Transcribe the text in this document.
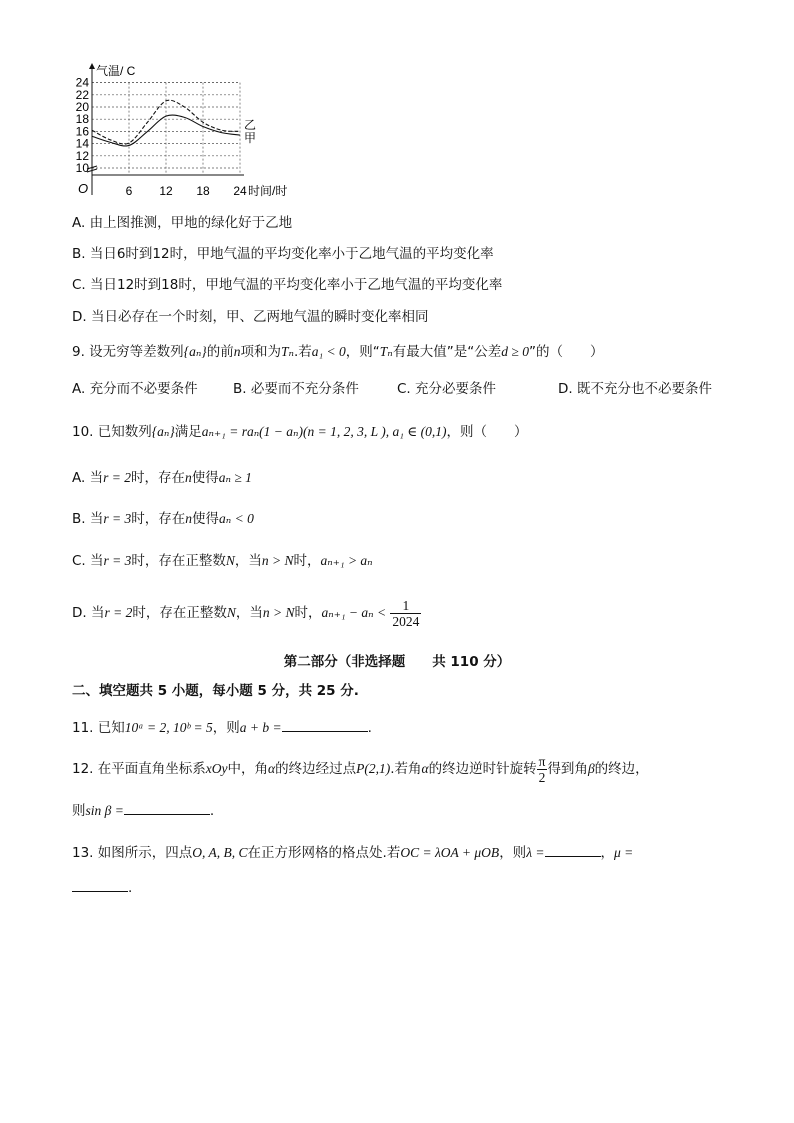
10
12
14
16
18
20
22
24
6 12 18 24
O
气温/ C
时间/时
乙
甲
A. 由上图推测，甲地的绿化好于乙地
B. 当日6时到12时，甲地气温的平均变化率小于乙地气温的平均变化率
C. 当日12时到18时，甲地气温的平均变化率小于乙地气温的平均变化率
D. 当日必存在一个时刻，甲、乙两地气温的瞬时变化率相同
9. 设无穷等差数列{aₙ}的前n项和为Tₙ.若a₁ < 0，则“Tₙ有最大值”是“公差d ≥ 0”的（　　）
A. 充分而不必要条件	B. 必要而不充分条件	C. 充分必要条件	D. 既不充分也不必要条件
10. 已知数列{aₙ}满足aₙ₊₁ = raₙ(1 − aₙ)(n = 1, 2, 3, L ), a₁ ∈ (0,1)，则（　　）
A. 当r = 2时，存在n使得aₙ ≥ 1
B. 当r = 3时，存在n使得aₙ < 0
C. 当r = 3时，存在正整数N，当n > N时，aₙ₊₁ > aₙ
D. 当r = 2时，存在正整数N，当n > N时，$a_{n+1} - a_n < \frac{1}{2024}$
第二部分（非选择题　　共 110 分）
二、填空题共 5 小题，每小题 5 分，共 25 分.
11. 已知10ᵃ = 2, 10ᵇ = 5，则a + b =	.
12. 在平面直角坐标系xOy中，角α的终边经过点P(2,1).若角α的终边逆时针旋转 $\frac{\pi}{2}$ 得到角β的终边，
则sin β =	.
13. 如图所示，四点O, A, B, C在正方形网格的格点处.若OC = λOA + μOB，则λ =	，μ =
.
